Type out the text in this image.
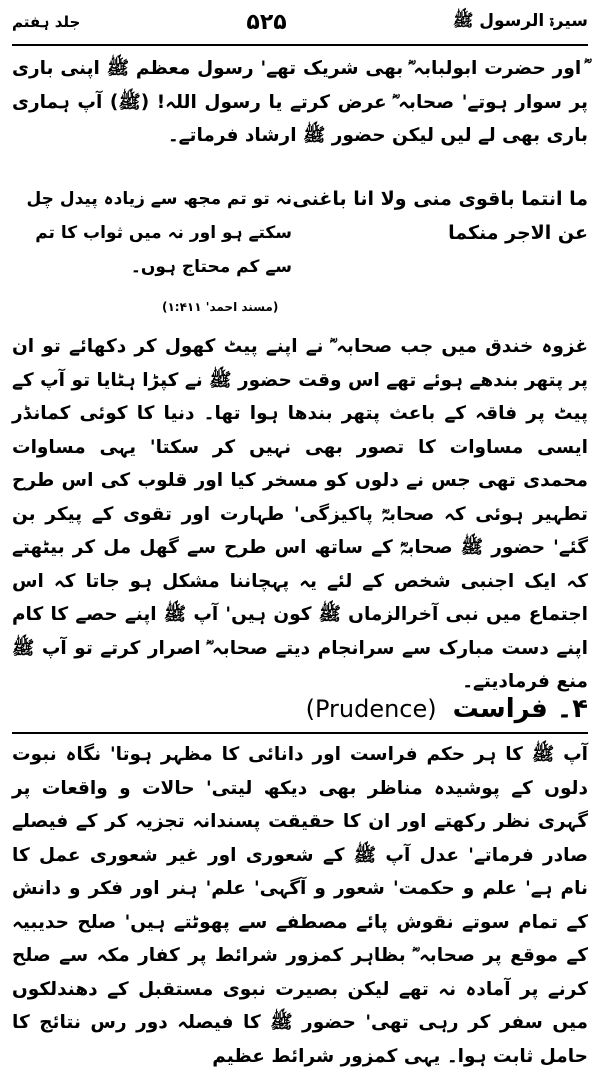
جلد ہفتم	۵۲۵	سیرۃ الرسول ﷺ

ؓ اور حضرت ابولبابہ ؓ بھی شریک تھے' رسول معظم ﷺ اپنی باری پر سوار ہوتے' صحابہ ؓ عرض کرتے یا رسول اللہ! (ﷺ) آپ ہماری باری بھی لے لیں لیکن حضور ﷺ ارشاد فرماتے۔

ما انتما باقوی منی ولا انا باغنی عن الاجر منکما
نہ تو تم مجھ سے زیادہ پیدل چل سکتے ہو اور نہ میں ثواب کا تم سے کم محتاج ہوں۔
(مسند احمد' ۱:۴۱۱)

غزوہ خندق میں جب صحابہ ؓ نے اپنے پیٹ کھول کر دکھائے تو ان پر پتھر بندھے ہوئے تھے اس وقت حضور ﷺ نے کپڑا ہٹایا تو آپ کے پیٹ پر فاقہ کے باعث پتھر بندھا ہوا تھا۔ دنیا کا کوئی کمانڈر ایسی مساوات کا تصور بھی نہیں کر سکتا' یہی مساوات محمدی تھی جس نے دلوں کو مسخر کیا اور قلوب کی اس طرح تطہیر ہوئی کہ صحابہؓ پاکیزگی' طہارت اور تقوی کے پیکر بن گئے' حضور ﷺ صحابہؓ کے ساتھ اس طرح سے گھل مل کر بیٹھتے کہ ایک اجنبی شخص کے لئے یہ پہچاننا مشکل ہو جاتا کہ اس اجتماع میں نبی آخرالزماں ﷺ کون ہیں' آپ ﷺ اپنے حصے کا کام اپنے دست مبارک سے سرانجام دیتے صحابہ ؓ اصرار کرتے تو آپ ﷺ منع فرمادیتے۔

(Prudence) ۴۔ فراست

آپ ﷺ کا ہر حکم فراست اور دانائی کا مظہر ہوتا' نگاہ نبوت دلوں کے پوشیدہ مناظر بھی دیکھ لیتی' حالات و واقعات پر گہری نظر رکھتے اور ان کا حقیقت پسندانہ تجزیہ کر کے فیصلے صادر فرماتے' عدل آپ ﷺ کے شعوری اور غیر شعوری عمل کا نام ہے' علم و حکمت' شعور و آگہی' علم' ہنر اور فکر و دانش کے تمام سوتے نقوش پائے مصطفے سے پھوٹتے ہیں' صلح حدیبیہ کے موقع پر صحابہ ؓ بظاہر کمزور شرائط پر کفار مکہ سے صلح کرنے پر آمادہ نہ تھے لیکن بصیرت نبوی مستقبل کے دھندلکوں میں سفر کر رہی تھی' حضور ﷺ کا فیصلہ دور رس نتائج کا حامل ثابت ہوا۔ یہی کمزور شرائط عظیم
